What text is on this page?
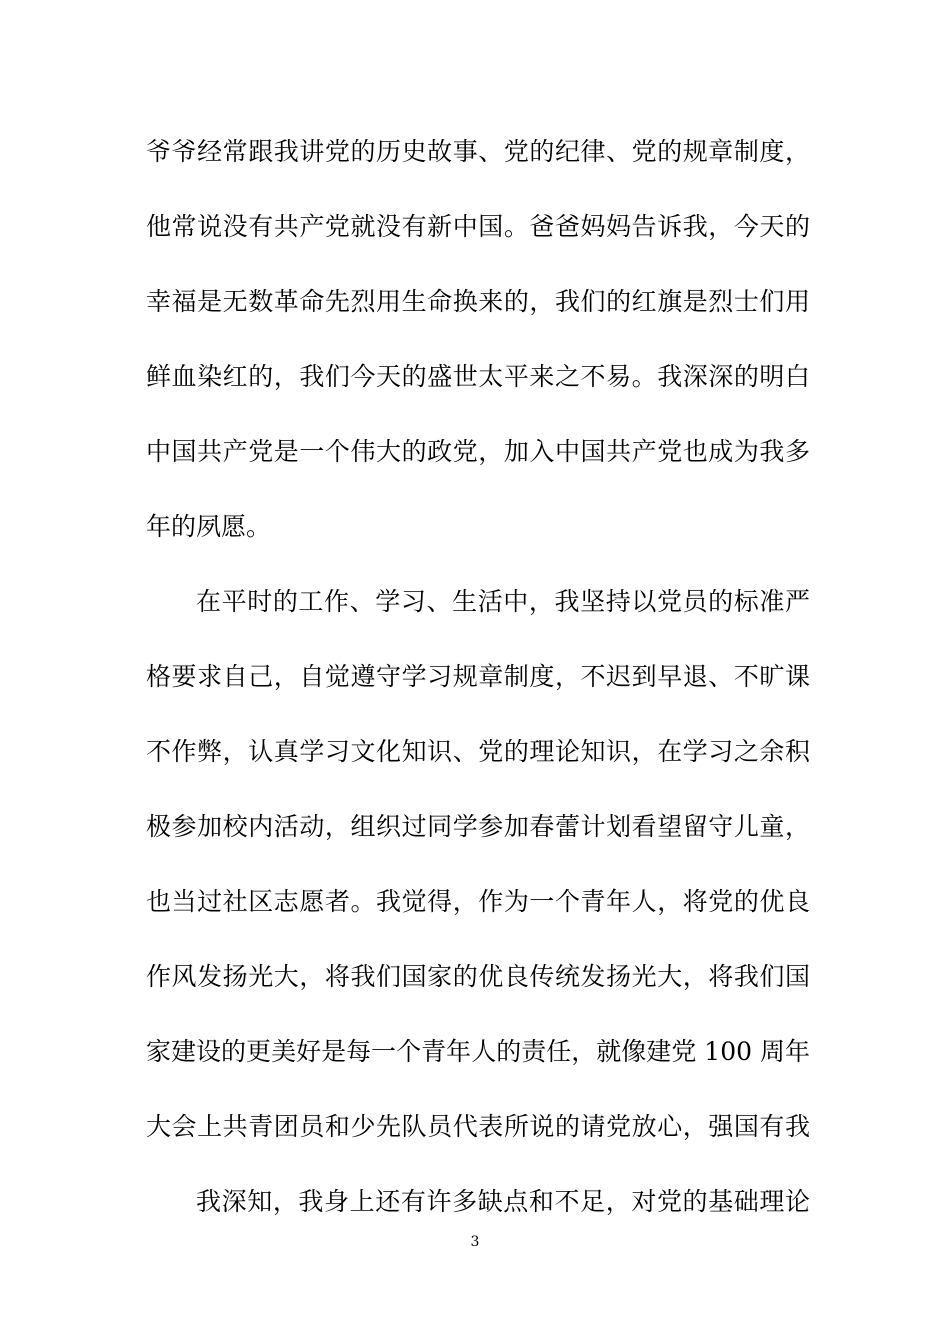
爷爷经常跟我讲党的历史故事、党的纪律、党的规章制度，
他常说没有共产党就没有新中国。爸爸妈妈告诉我，今天的
幸福是无数革命先烈用生命换来的，我们的红旗是烈士们用
鲜血染红的，我们今天的盛世太平来之不易。我深深的明白
中国共产党是一个伟大的政党，加入中国共产党也成为我多
年的夙愿。
在平时的工作、学习、生活中，我坚持以党员的标准严
格要求自己，自觉遵守学习规章制度，不迟到早退、不旷课
不作弊，认真学习文化知识、党的理论知识，在学习之余积
极参加校内活动，组织过同学参加春蕾计划看望留守儿童，
也当过社区志愿者。我觉得，作为一个青年人，将党的优良
作风发扬光大，将我们国家的优良传统发扬光大，将我们国
家建设的更美好是每一个青年人的责任，就像建党 100 周年
大会上共青团员和少先队员代表所说的请党放心，强国有我
我深知，我身上还有许多缺点和不足，对党的基础理论
3
